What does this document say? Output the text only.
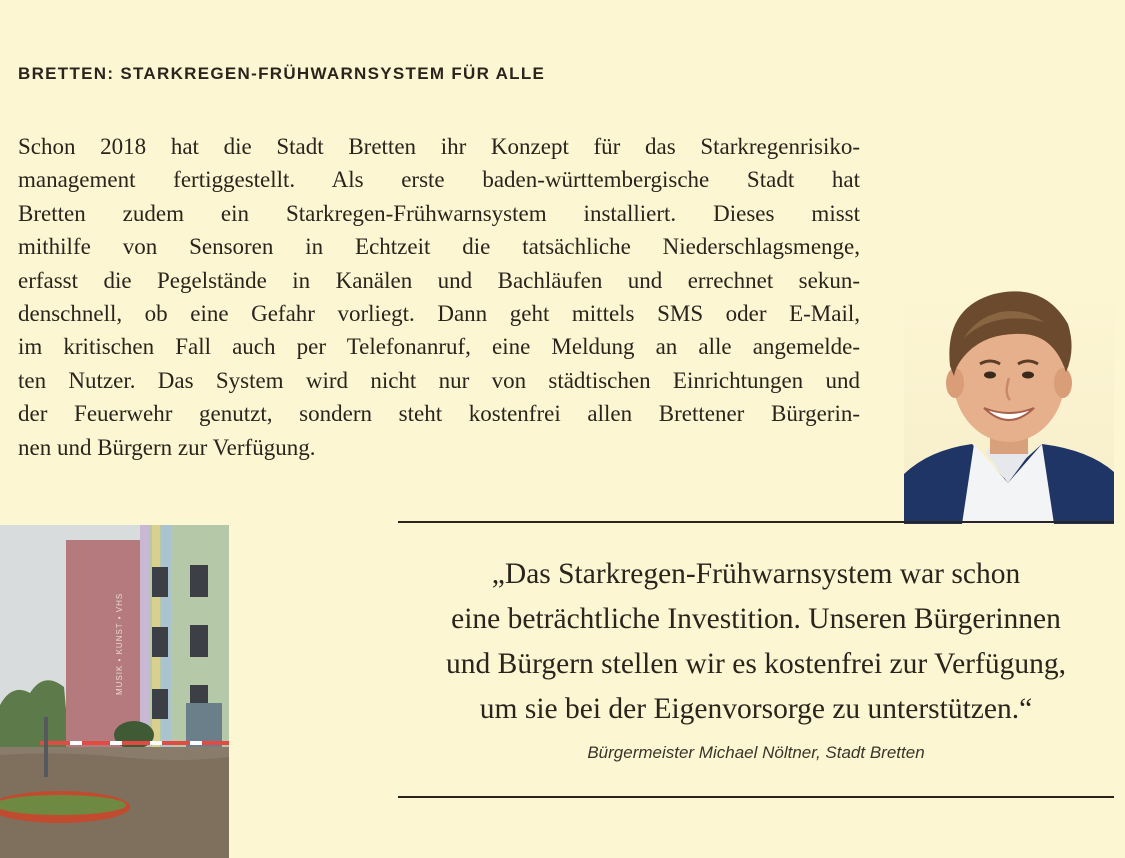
BRETTEN: STARKREGEN-FRÜHWARNSYSTEM FÜR ALLE
Schon 2018 hat die Stadt Bretten ihr Konzept für das Starkregenrisiko-
management fertiggestellt. Als erste baden-württembergische Stadt hat
Bretten zudem ein Starkregen-Frühwarnsystem installiert. Dieses misst
mithilfe von Sensoren in Echtzeit die tatsächliche Niederschlagsmenge,
erfasst die Pegelstände in Kanälen und Bachläufen und errechnet sekun-
denschnell, ob eine Gefahr vorliegt. Dann geht mittels SMS oder E-Mail,
im kritischen Fall auch per Telefonanruf, eine Meldung an alle angemelde-
ten Nutzer. Das System wird nicht nur von städtischen Einrichtungen und
der Feuerwehr genutzt, sondern steht kostenfrei allen Brettener Bürgerin-
nen und Bürgern zur Verfügung.
MUSIK • KUNST • VHS

„Das Starkregen-Frühwarnsystem war schon
eine beträchtliche Investition. Unseren Bürgerinnen
und Bürgern stellen wir es kostenfrei zur Verfügung,
um sie bei der Eigenvorsorge zu unterstützen.“

Bürgermeister Michael Nöltner, Stadt Bretten
